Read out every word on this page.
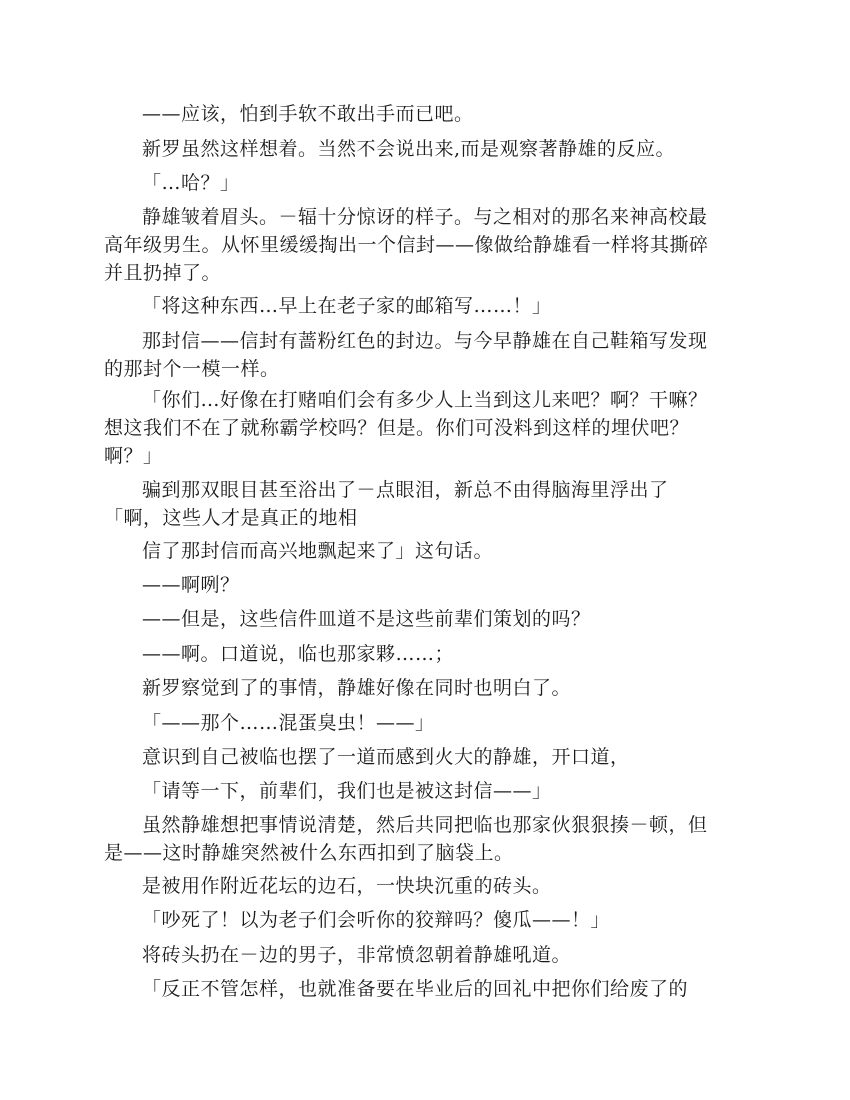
——应该，怕到手软不敢出手而已吧。

新罗虽然这样想着。当然不会说出来,而是观察著静雄的反应。

「…哈？」

静雄皱着眉头。－辐十分惊讶的样子。与之相对的那名来神高校最
高年级男生。从怀里缓缓掏出一个信封——像做给静雄看一样将其撕碎
并且扔掉了。

「将这种东西…早上在老子家的邮箱写……！」

那封信——信封有蔷粉红色的封边。与今早静雄在自己鞋箱写发现
的那封个一模一样。

「你们…好像在打赌咱们会有多少人上当到这儿来吧？啊？干嘛？
想这我们不在了就称霸学校吗？但是。你们可没料到这样的埋伏吧？
啊？」

骗到那双眼目甚至浴出了－点眼泪，新总不由得脑海里浮出了
「啊，这些人才是真正的地相

信了那封信而高兴地飘起来了」这句话。

——啊咧？

——但是，这些信件皿道不是这些前辈们策划的吗？

——啊。口道说，临也那家夥……；

新罗察觉到了的事情，静雄好像在同时也明白了。

「——那个……混蛋臭虫！——」

意识到自己被临也摆了一道而感到火大的静雄，开口道，

「请等一下，前辈们，我们也是被这封信——」

虽然静雄想把事情说清楚，然后共同把临也那家伙狠狠揍－顿，但
是——这时静雄突然被什么东西扣到了脑袋上。

是被用作附近花坛的边石，一快块沉重的砖头。

「吵死了！以为老子们会听你的狡辩吗？傻瓜——！」

将砖头扔在－边的男子，非常愤忽朝着静雄吼道。

「反正不管怎样，也就准备要在毕业后的回礼中把你们给废了的
